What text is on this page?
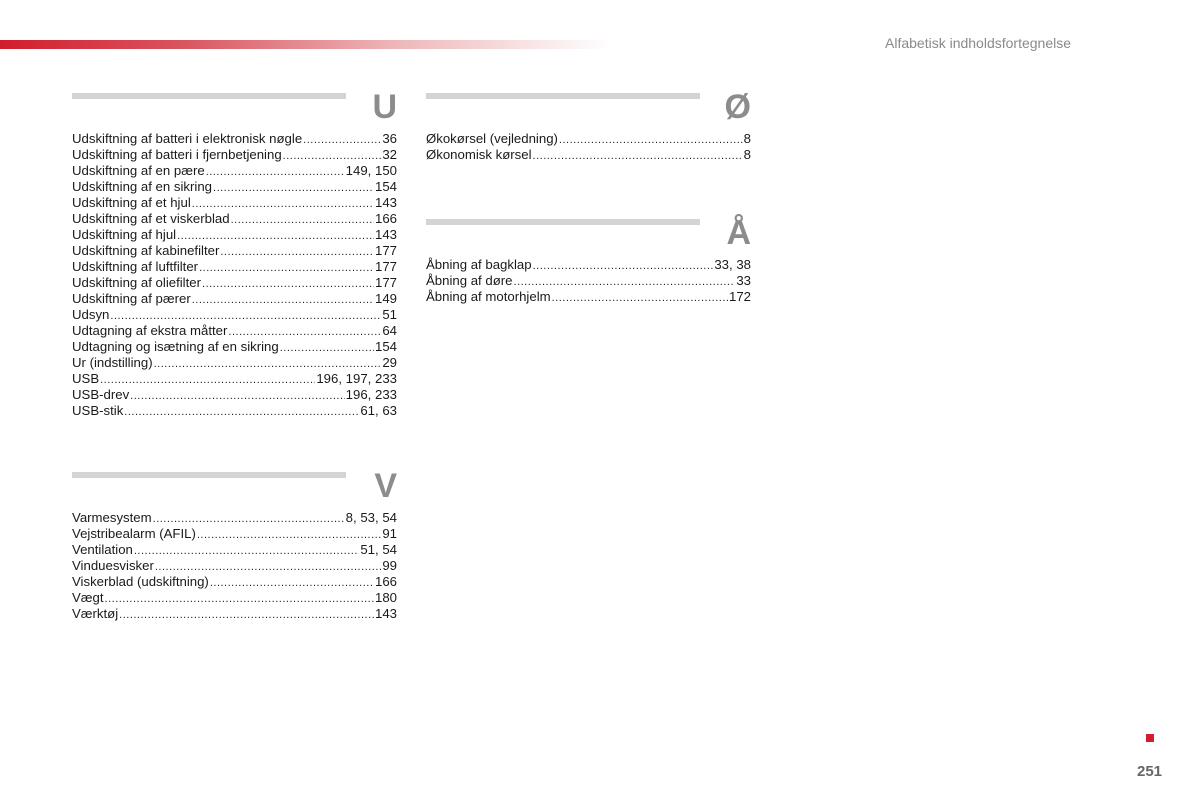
Alfabetisk indholdsfortegnelse
U
Udskiftning af batteri i elektronisk nøgle .....	36
Udskiftning af batteri i fjernbetjening .....	32
Udskiftning af en pære .....	149, 150
Udskiftning af en sikring .....	154
Udskiftning af et hjul .....	143
Udskiftning af et viskerblad .....	166
Udskiftning af hjul .....	143
Udskiftning af kabinefilter .....	177
Udskiftning af luftfilter .....	177
Udskiftning af oliefilter .....	177
Udskiftning af pærer .....	149
Udsyn .....	51
Udtagning af ekstra måtter .....	64
Udtagning og isætning af en sikring .....	154
Ur (indstilling) .....	29
USB .....	196, 197, 233
USB-drev .....	196, 233
USB-stik .....	61, 63
V
Varmesystem .....	8, 53, 54
Vejstribealarm (AFIL) .....	91
Ventilation .....	51, 54
Vinduesvisker .....	99
Viskerblad (udskiftning) .....	166
Vægt .....	180
Værktøj .....	143
Ø
Økokørsel (vejledning) .....	8
Økonomisk kørsel .....	8
Å
Åbning af bagklap .....	33, 38
Åbning af døre .....	33
Åbning af motorhjelm .....	172
251
